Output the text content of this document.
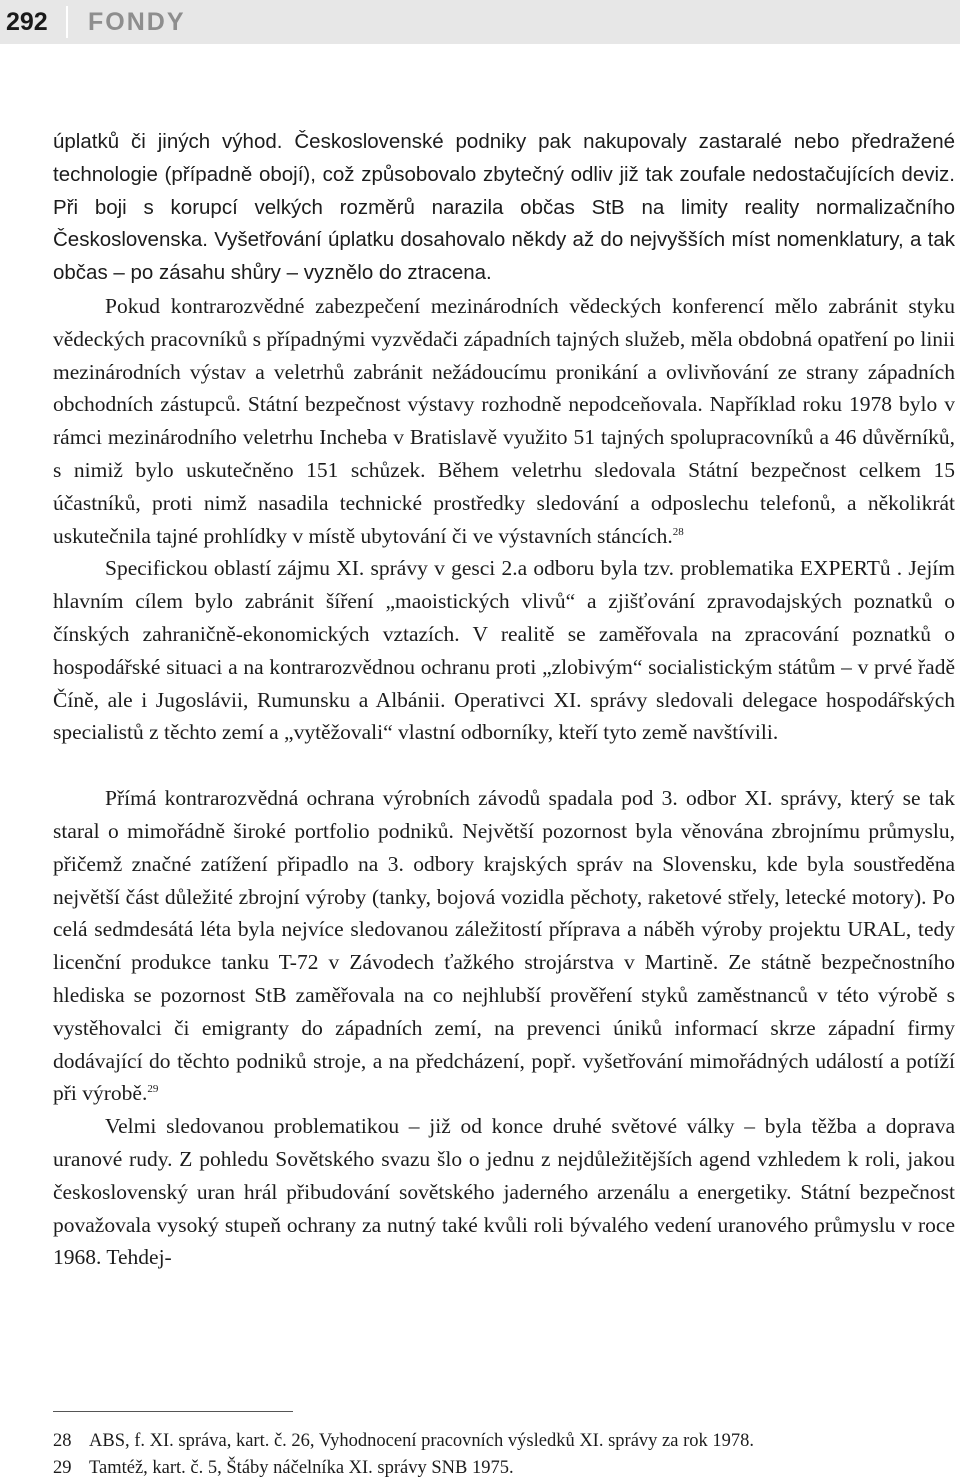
292 FONDY

úplatků či jiných výhod. Československé podniky pak nakupovaly zastaralé nebo předražené technologie (případně obojí), což způsobovalo zbytečný odliv již tak zoufale nedostačujících deviz. Při boji s korupcí velkých rozměrů narazila občas StB na limity reality normalizačního Československa. Vyšetřování úplatku dosahovalo někdy až do nejvyšších míst nomenklatury, a tak občas – po zásahu shůry – vyznělo do ztracena.

Pokud kontrarozvědné zabezpečení mezinárodních vědeckých konferencí mělo zabránit styku vědeckých pracovníků s případnými vyzvědači západních tajných služeb, měla obdobná opatření po linii mezinárodních výstav a veletrhů zabránit nežádoucímu pronikání a ovlivňování ze strany západních obchodních zástupců. Státní bezpečnost výstavy rozhodně nepodceňovala. Například roku 1978 bylo v rámci mezinárodního veletrhu Incheba v Bratislavě využito 51 tajných spolupracovníků a 46 důvěrníků, s nimiž bylo uskutečněno 151 schůzek. Během veletrhu sledovala Státní bezpečnost celkem 15 účastníků, proti nimž nasadila technické prostředky sledování a odposlechu telefonů, a několikrát uskutečnila tajné prohlídky v místě ubytování či ve výstavních stáncích.$^{28}$

Specifickou oblastí zájmu XI. správy v gesci 2.a odboru byla tzv. problematika EXPERTů . Jejím hlavním cílem bylo zabránit šíření „maoistických vlivů“ a zjišťování zpravodajských poznatků o čínských zahraničně-ekonomických vztazích. V realitě se zaměřovala na zpracování poznatků o hospodářské situaci a na kontrarozvědnou ochranu proti „zlobivým“ socialistickým státům – v prvé řadě Číně, ale i Jugoslávii, Rumunsku a Albánii. Operativci XI. správy sledovali delegace hospodářských specialistů z těchto zemí a „vytěžovali“ vlastní odborníky, kteří tyto země navštívili.

Přímá kontrarozvědná ochrana výrobních závodů spadala pod 3. odbor XI. správy, který se tak staral o mimořádně široké portfolio podniků. Největší pozornost byla věnována zbrojnímu průmyslu, přičemž značné zatížení připadlo na 3. odbory krajských správ na Slovensku, kde byla soustředěna největší část důležité zbrojní výroby (tanky, bojová vozidla pěchoty, raketové střely, letecké motory). Po celá sedmdesátá léta byla nejvíce sledovanou záležitostí příprava a náběh výroby projektu URAL, tedy licenční produkce tanku T-72 v Závodech ťažkého strojárstva v Martině. Ze státně bezpečnostního hlediska se pozornost StB zaměřovala na co nejhlubší prověření styků zaměstnanců v této výrobě s vystěhovalci či emigranty do západních zemí, na prevenci úniků informací skrze západní firmy dodávající do těchto podniků stroje, a na předcházení, popř. vyšetřování mimořádných událostí a potíží při výrobě.$^{29}$

Velmi sledovanou problematikou – již od konce druhé světové války – byla těžba a doprava uranové rudy. Z pohledu Sovětského svazu šlo o jednu z nejdůležitějších agend vzhledem k roli, jakou československý uran hrál přibudování sovětského jaderného arzenálu a energetiky. Státní bezpečnost považovala vysoký stupeň ochrany za nutný také kvůli roli bývalého vedení uranového průmyslu v roce 1968. Tehdej-

28 ABS, f. XI. správa, kart. č. 26, Vyhodnocení pracovních výsledků XI. správy za rok 1978.
29 Tamtéž, kart. č. 5, Štáby náčelníka XI. správy SNB 1975.
